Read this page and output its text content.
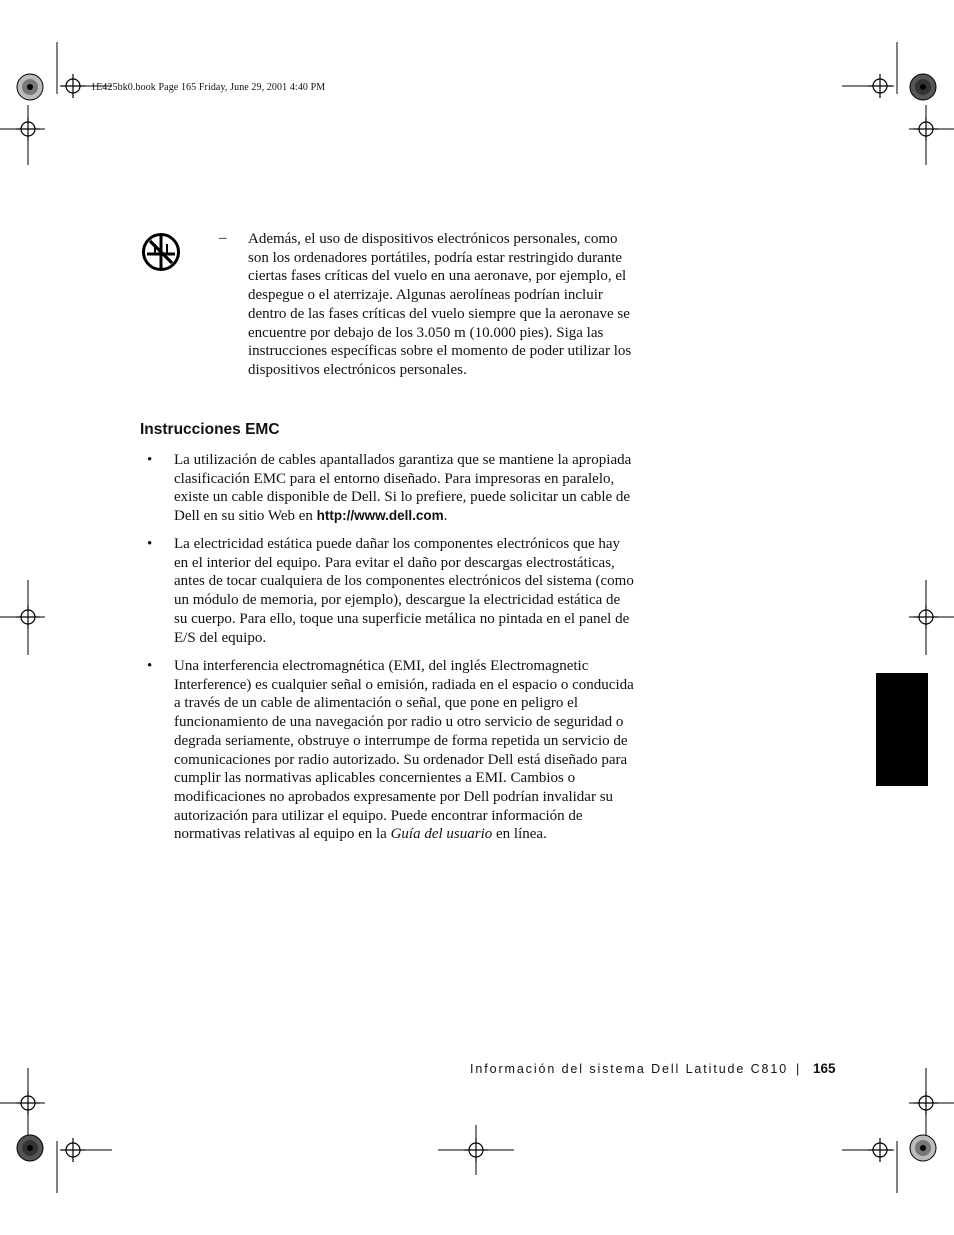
1E425bk0.book Page 165 Friday, June 29, 2001 4:40 PM
– Además, el uso de dispositivos electrónicos personales, como son los ordenadores portátiles, podría estar restringido durante ciertas fases críticas del vuelo en una aeronave, por ejemplo, el despegue o el aterrizaje. Algunas aerolíneas podrían incluir dentro de las fases críticas del vuelo siempre que la aeronave se encuentre por debajo de los 3.050 m (10.000 pies). Siga las instrucciones específicas sobre el momento de poder utilizar los dispositivos electrónicos personales.
Instrucciones EMC
• La utilización de cables apantallados garantiza que se mantiene la apropiada clasificación EMC para el entorno diseñado. Para impresoras en paralelo, existe un cable disponible de Dell. Si lo prefiere, puede solicitar un cable de Dell en su sitio Web en http://www.dell.com.
• La electricidad estática puede dañar los componentes electrónicos que hay en el interior del equipo. Para evitar el daño por descargas electrostáticas, antes de tocar cualquiera de los componentes electrónicos del sistema (como un módulo de memoria, por ejemplo), descargue la electricidad estática de su cuerpo. Para ello, toque una superficie metálica no pintada en el panel de E/S del equipo.
• Una interferencia electromagnética (EMI, del inglés Electromagnetic Interference) es cualquier señal o emisión, radiada en el espacio o conducida a través de un cable de alimentación o señal, que pone en peligro el funcionamiento de una navegación por radio u otro servicio de seguridad o degrada seriamente, obstruye o interrumpe de forma repetida un servicio de comunicaciones por radio autorizado. Su ordenador Dell está diseñado para cumplir las normativas aplicables concernientes a EMI. Cambios o modificaciones no aprobados expresamente por Dell podrían invalidar su autorización para utilizar el equipo. Puede encontrar información de normativas relativas al equipo en la Guía del usuario en línea.
Información del sistema Dell Latitude C810 | 165
